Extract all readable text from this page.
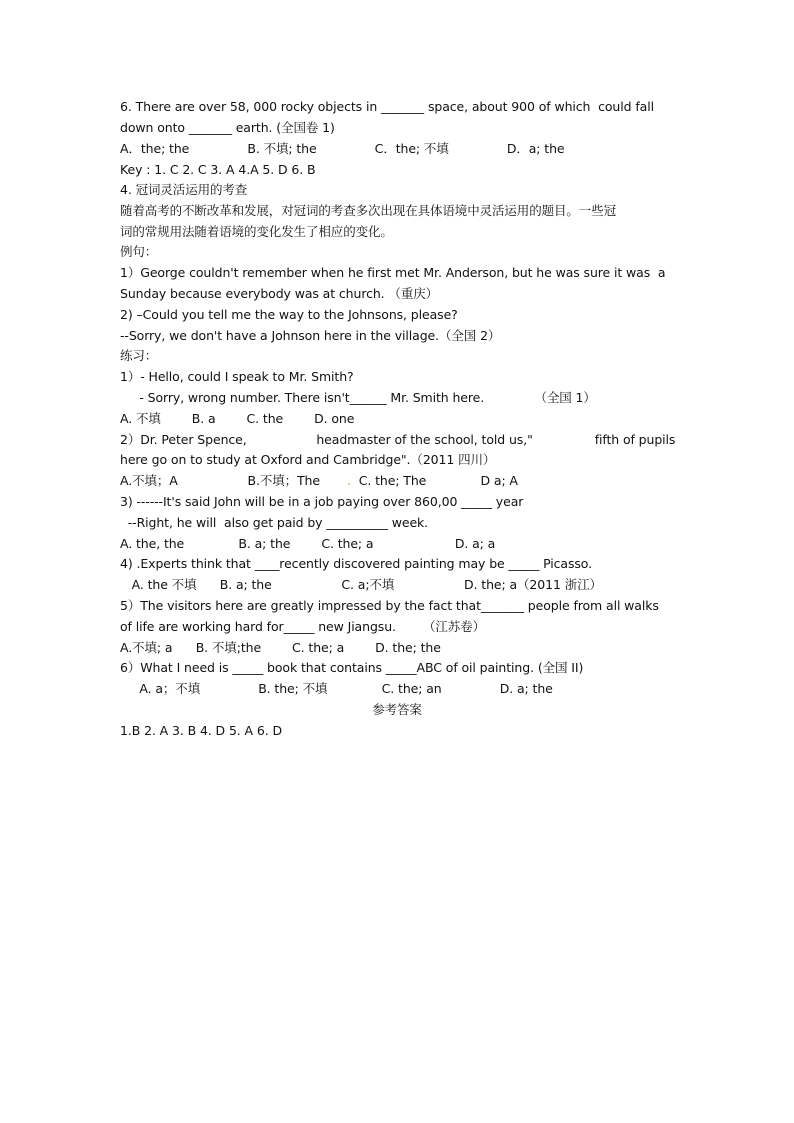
6. There are over 58, 000 rocky objects in _______ space, about 900 of which  could fall
down onto _______ earth. (全国卷 1)
A．the; the               B. 不填; the               C．the; 不填               D．a; the
Key : 1. C 2. C 3. A 4.A 5. D 6. B
4. 冠词灵活运用的考查
随着高考的不断改革和发展，对冠词的考查多次出现在具体语境中灵活运用的题目。一些冠
词的常规用法随着语境的变化发生了相应的变化。
例句：
1）George couldn't remember when he first met Mr. Anderson, but he was sure it was  a
Sunday because everybody was at church. （重庆）
2) –Could you tell me the way to the Johnsons, please?
--Sorry, we don't have a Johnson here in the village.（全国 2）
练习：
1）- Hello, could I speak to Mr. Smith?
- Sorry, wrong number. There isn't______ Mr. Smith here.             （全国 1）
A. 不填        B. a        C. the        D. one
2）Dr. Peter Spence,                  headmaster of the school, told us,"                fifth of pupils
here go on to study at Oxford and Cambridge".（2011 四川）
A.不填；A                  B.不填；The . C. the; The              D a; A
3) ------It's said John will be in a job paying over 860,00 _____ year
--Right, he will  also get paid by __________ week.
A. the, the              B. a; the        C. the; a                     D. a; a
4) .Experts think that ____recently discovered painting may be _____ Picasso.
A. the 不填      B. a; the                  C. a;不填                  D. the; a（2011 浙江）
5）The visitors here are greatly impressed by the fact that_______ people from all walks
of life are working hard for_____ new Jiangsu.       （江苏卷）
A.不填; a      B. 不填;the        C. the; a        D. the; the
6）What I need is _____ book that contains _____ABC of oil painting. (全国 II)
A. a；不填               B. the; 不填              C. the; an               D. a; the
参考答案
1.B 2. A 3. B 4. D 5. A 6. D
